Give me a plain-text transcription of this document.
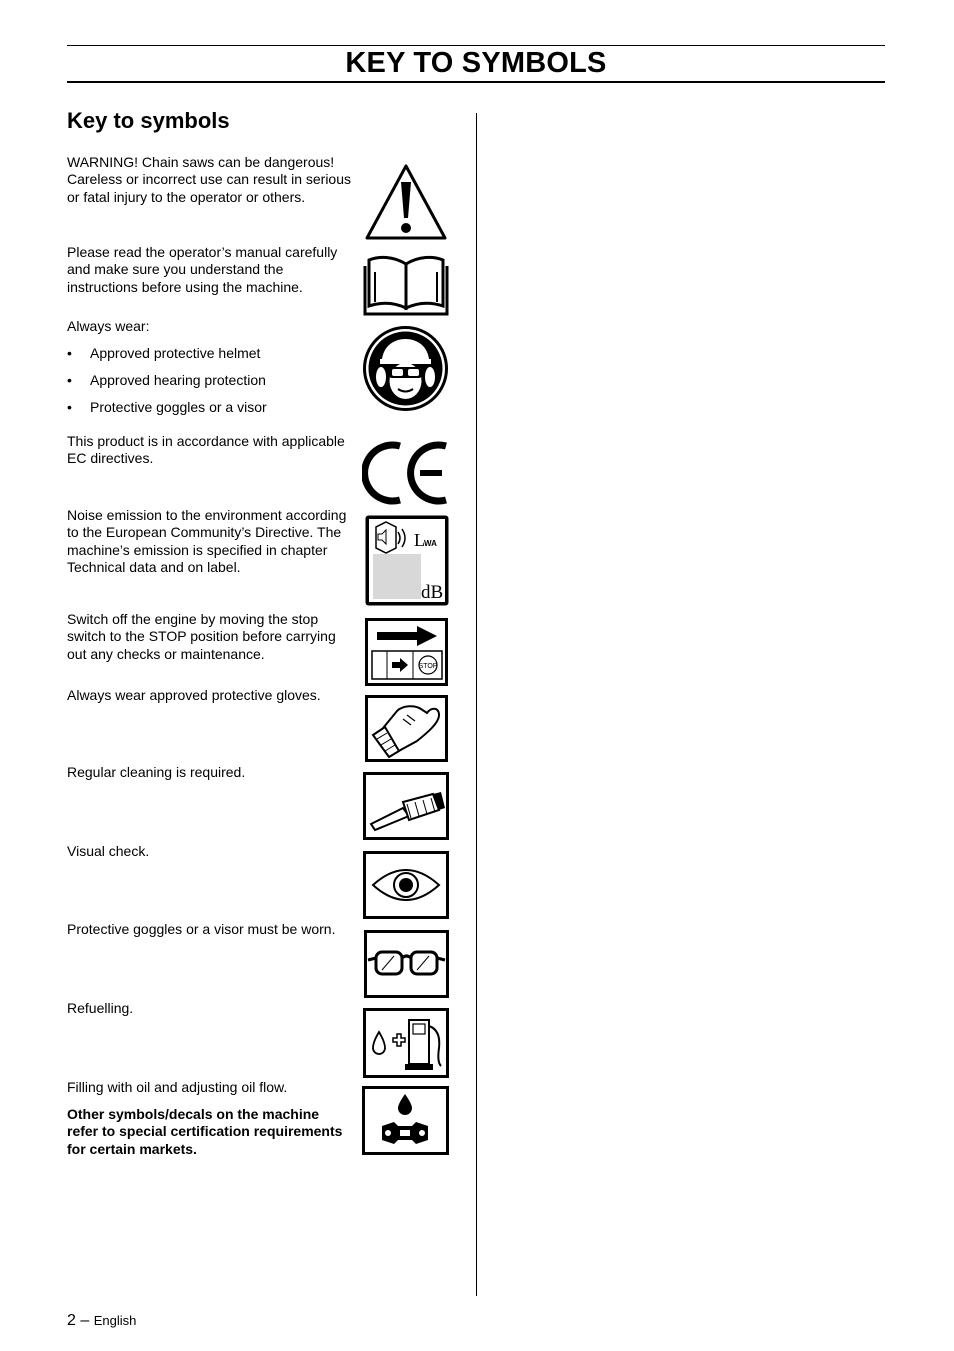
KEY TO SYMBOLS
Key to symbols
WARNING! Chain saws can be dangerous! Careless or incorrect use can result in serious or fatal injury to the operator or others.
Please read the operator’s manual carefully and make sure you understand the instructions before using the machine.
Always wear:
• Approved protective helmet
• Approved hearing protection
• Protective goggles or a visor
This product is in accordance with applicable EC directives.
Noise emission to the environment according to the European Community’s Directive. The machine’s emission is specified in chapter Technical data and on label.
Switch off the engine by moving the stop switch to the STOP position before carrying out any checks or maintenance.
Always wear approved protective gloves.
Regular cleaning is required.
Visual check.
Protective goggles or a visor must be worn.
Refuelling.
Filling with oil and adjusting oil flow.
Other symbols/decals on the machine refer to special certification requirements for certain markets.
L WA
dB
STOP
2 – English
